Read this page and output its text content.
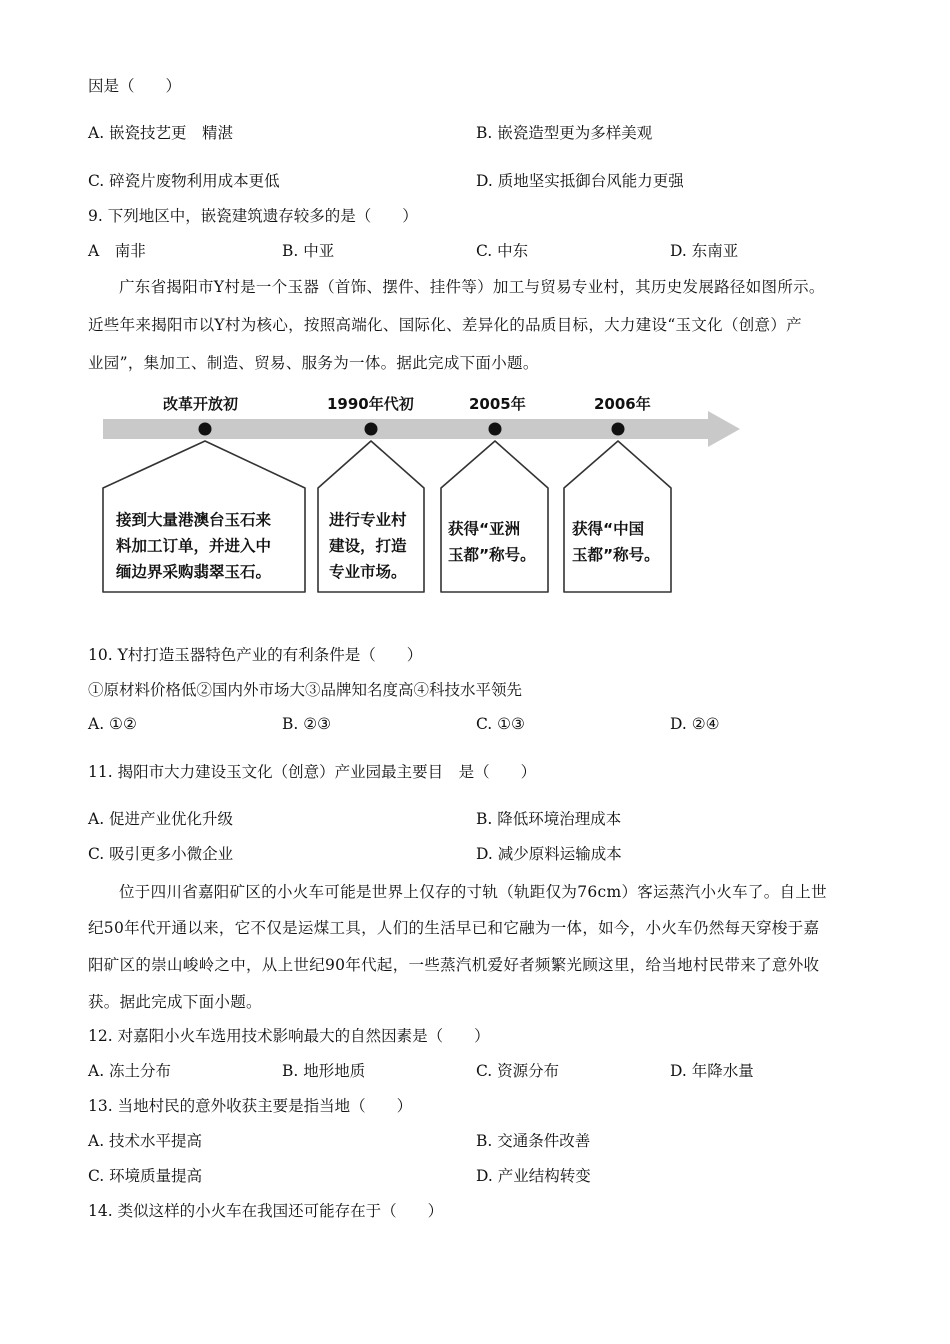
因是（　　）
A. 嵌瓷技艺更　精湛	B. 嵌瓷造型更为多样美观
C. 碎瓷片废物利用成本更低	D. 质地坚实抵御台风能力更强
9. 下列地区中，嵌瓷建筑遗存较多的是（　　）
A　南非	B. 中亚	C. 中东	D. 东南亚
广东省揭阳市Y村是一个玉器（首饰、摆件、挂件等）加工与贸易专业村，其历史发展路径如图所示。
近些年来揭阳市以Y村为核心，按照高端化、国际化、差异化的品质目标，大力建设“玉文化（创意）产
业园”，集加工、制造、贸易、服务为一体。据此完成下面小题。
改革开放初	1990年代初	2005年	2006年
接到大量港澳台玉石来
料加工订单，并进入中
缅边界采购翡翠玉石。
进行专业村
建设，打造
专业市场。
获得“亚洲
玉都”称号。
获得“中国
玉都”称号。
10. Y村打造玉器特色产业的有利条件是（　　）
①原材料价格低②国内外市场大③品牌知名度高④科技水平领先
A. ①②	B. ②③	C. ①③	D. ②④
11. 揭阳市大力建设玉文化（创意）产业园最主要目　是（　　）
A. 促进产业优化升级	B. 降低环境治理成本
C. 吸引更多小微企业	D. 减少原料运输成本
位于四川省嘉阳矿区的小火车可能是世界上仅存的寸轨（轨距仅为76cm）客运蒸汽小火车了。自上世
纪50年代开通以来，它不仅是运煤工具，人们的生活早已和它融为一体，如今，小火车仍然每天穿梭于嘉
阳矿区的崇山峻岭之中，从上世纪90年代起，一些蒸汽机爱好者频繁光顾这里，给当地村民带来了意外收
获。据此完成下面小题。
12. 对嘉阳小火车选用技术影响最大的自然因素是（　　）
A. 冻土分布	B. 地形地质	C. 资源分布	D. 年降水量
13. 当地村民的意外收获主要是指当地（　　）
A. 技术水平提高	B. 交通条件改善
C. 环境质量提高	D. 产业结构转变
14. 类似这样的小火车在我国还可能存在于（　　）
